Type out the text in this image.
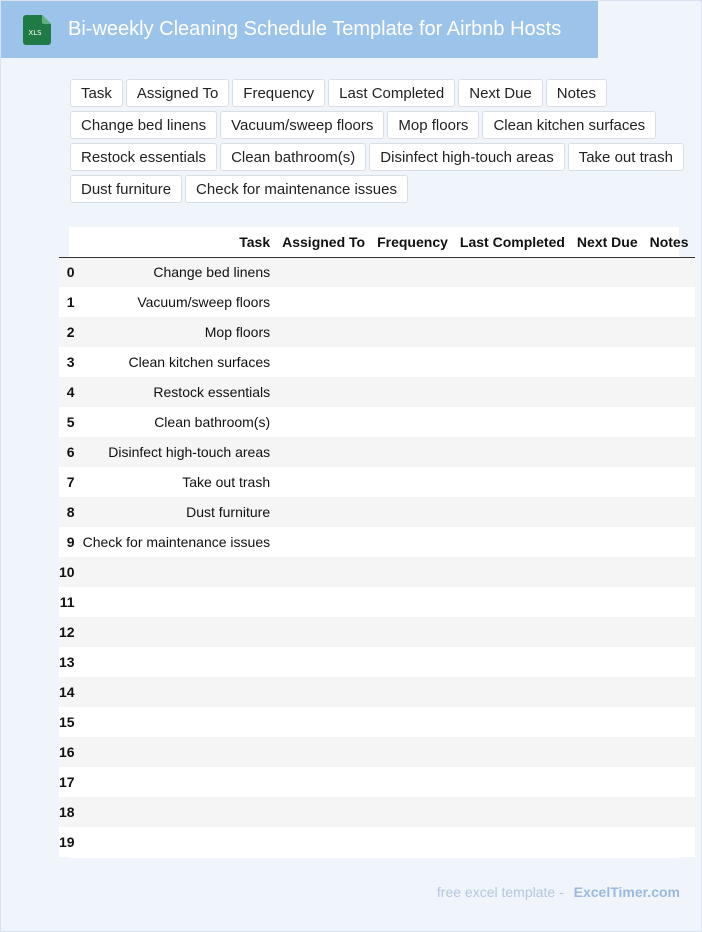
XLS Bi-weekly Cleaning Schedule Template for Airbnb Hosts
Task	Assigned To	Frequency	Last Completed	Next Due	Notes
Change bed linens	Vacuum/sweep floors	Mop floors	Clean kitchen surfaces
Restock essentials	Clean bathroom(s)	Disinfect high-touch areas	Take out trash
Dust furniture	Check for maintenance issues
	Task	Assigned To	Frequency	Last Completed	Next Due	Notes
0	Change bed linens					
1	Vacuum/sweep floors					
2	Mop floors					
3	Clean kitchen surfaces					
4	Restock essentials					
5	Clean bathroom(s)					
6	Disinfect high-touch areas					
7	Take out trash					
8	Dust furniture					
9	Check for maintenance issues					
10						
11						
12						
13						
14						
15						
16						
17						
18						
19						
free excel template - ExcelTimer.com
